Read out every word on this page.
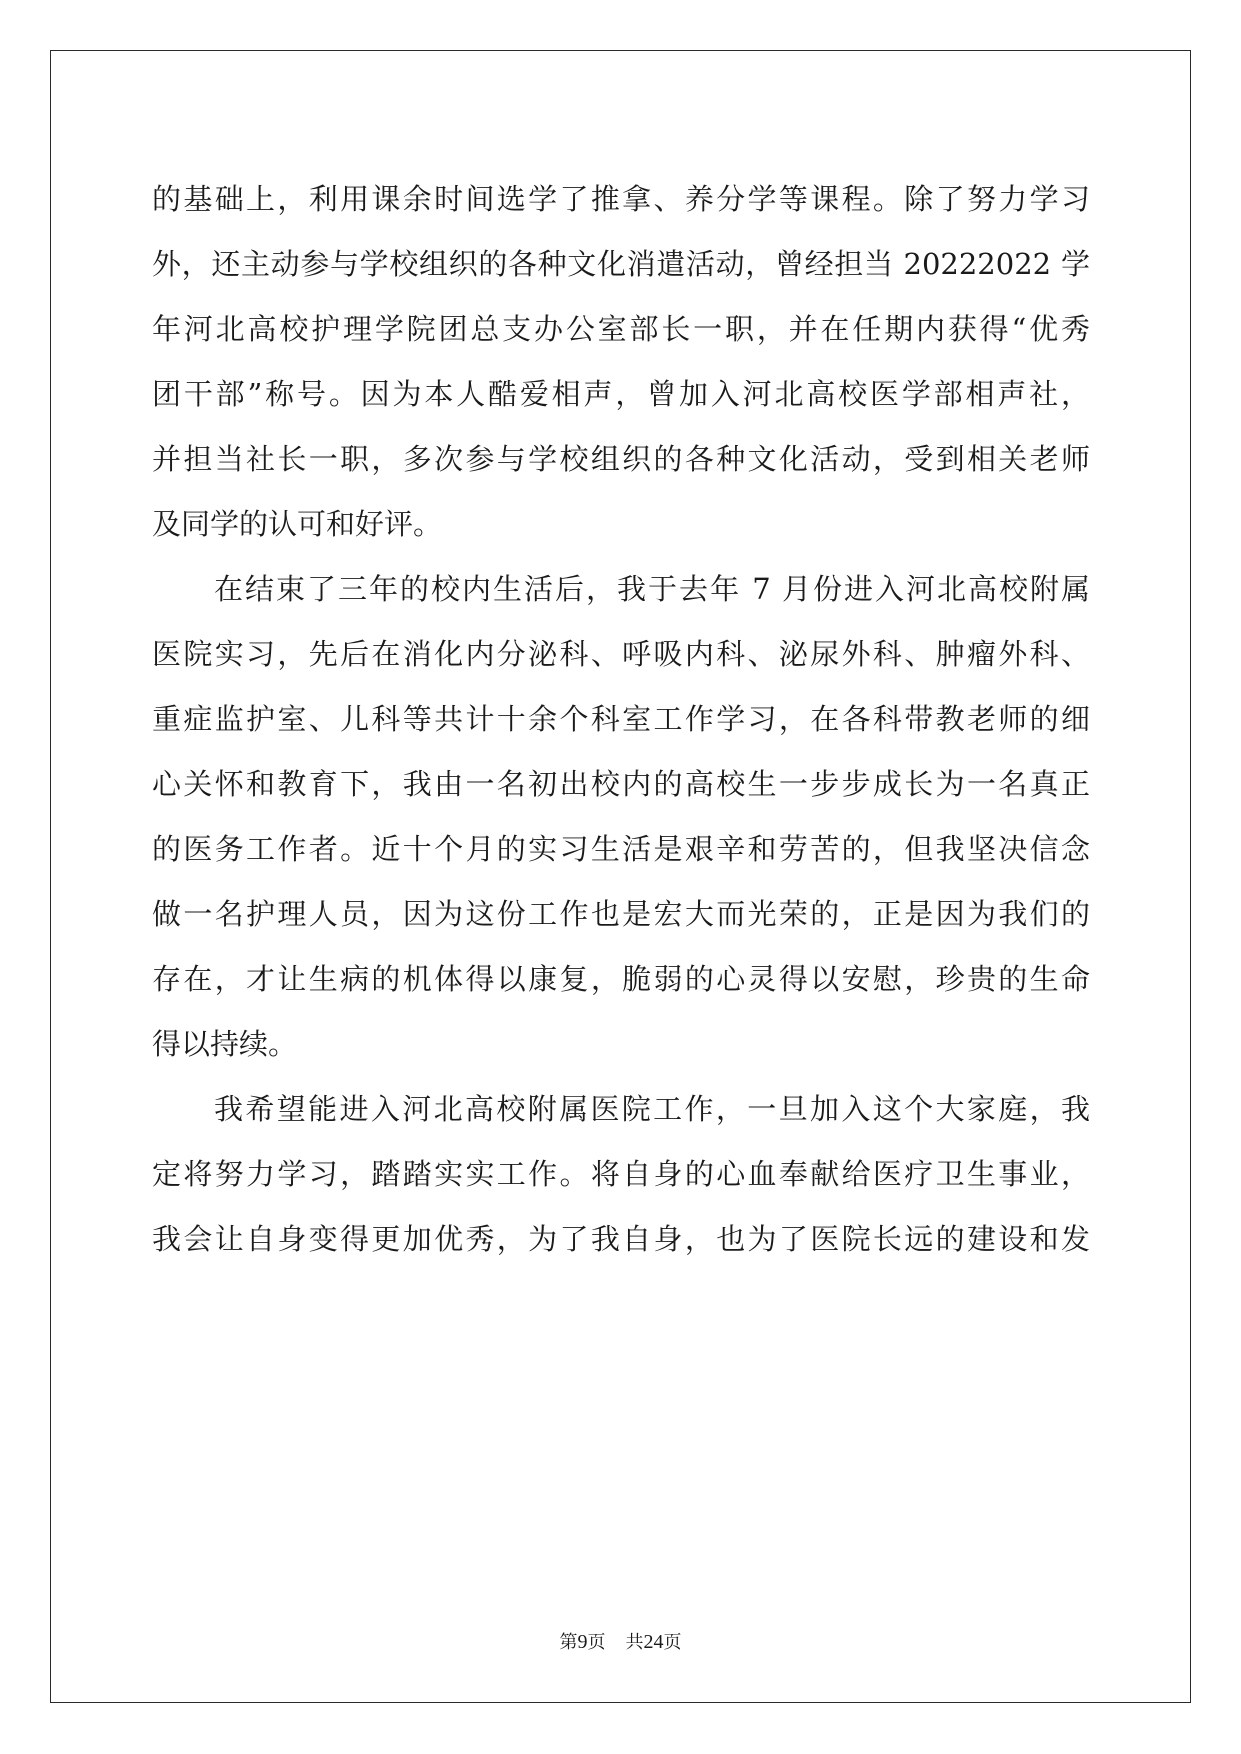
的基础上，利用课余时间选学了推拿、养分学等课程。除了努力学习
外，还主动参与学校组织的各种文化消遣活动，曾经担当 20222022 学
年河北高校护理学院团总支办公室部长一职，并在任期内获得“优秀
团干部”称号。因为本人酷爱相声，曾加入河北高校医学部相声社，
并担当社长一职，多次参与学校组织的各种文化活动，受到相关老师
及同学的认可和好评。
在结束了三年的校内生活后，我于去年 7 月份进入河北高校附属
医院实习，先后在消化内分泌科、呼吸内科、泌尿外科、肿瘤外科、
重症监护室、儿科等共计十余个科室工作学习，在各科带教老师的细
心关怀和教育下，我由一名初出校内的高校生一步步成长为一名真正
的医务工作者。近十个月的实习生活是艰辛和劳苦的，但我坚决信念
做一名护理人员，因为这份工作也是宏大而光荣的，正是因为我们的
存在，才让生病的机体得以康复，脆弱的心灵得以安慰，珍贵的生命
得以持续。
我希望能进入河北高校附属医院工作，一旦加入这个大家庭，我
定将努力学习，踏踏实实工作。将自身的心血奉献给医疗卫生事业，
我会让自身变得更加优秀，为了我自身，也为了医院长远的建设和发
第9页 共24页
